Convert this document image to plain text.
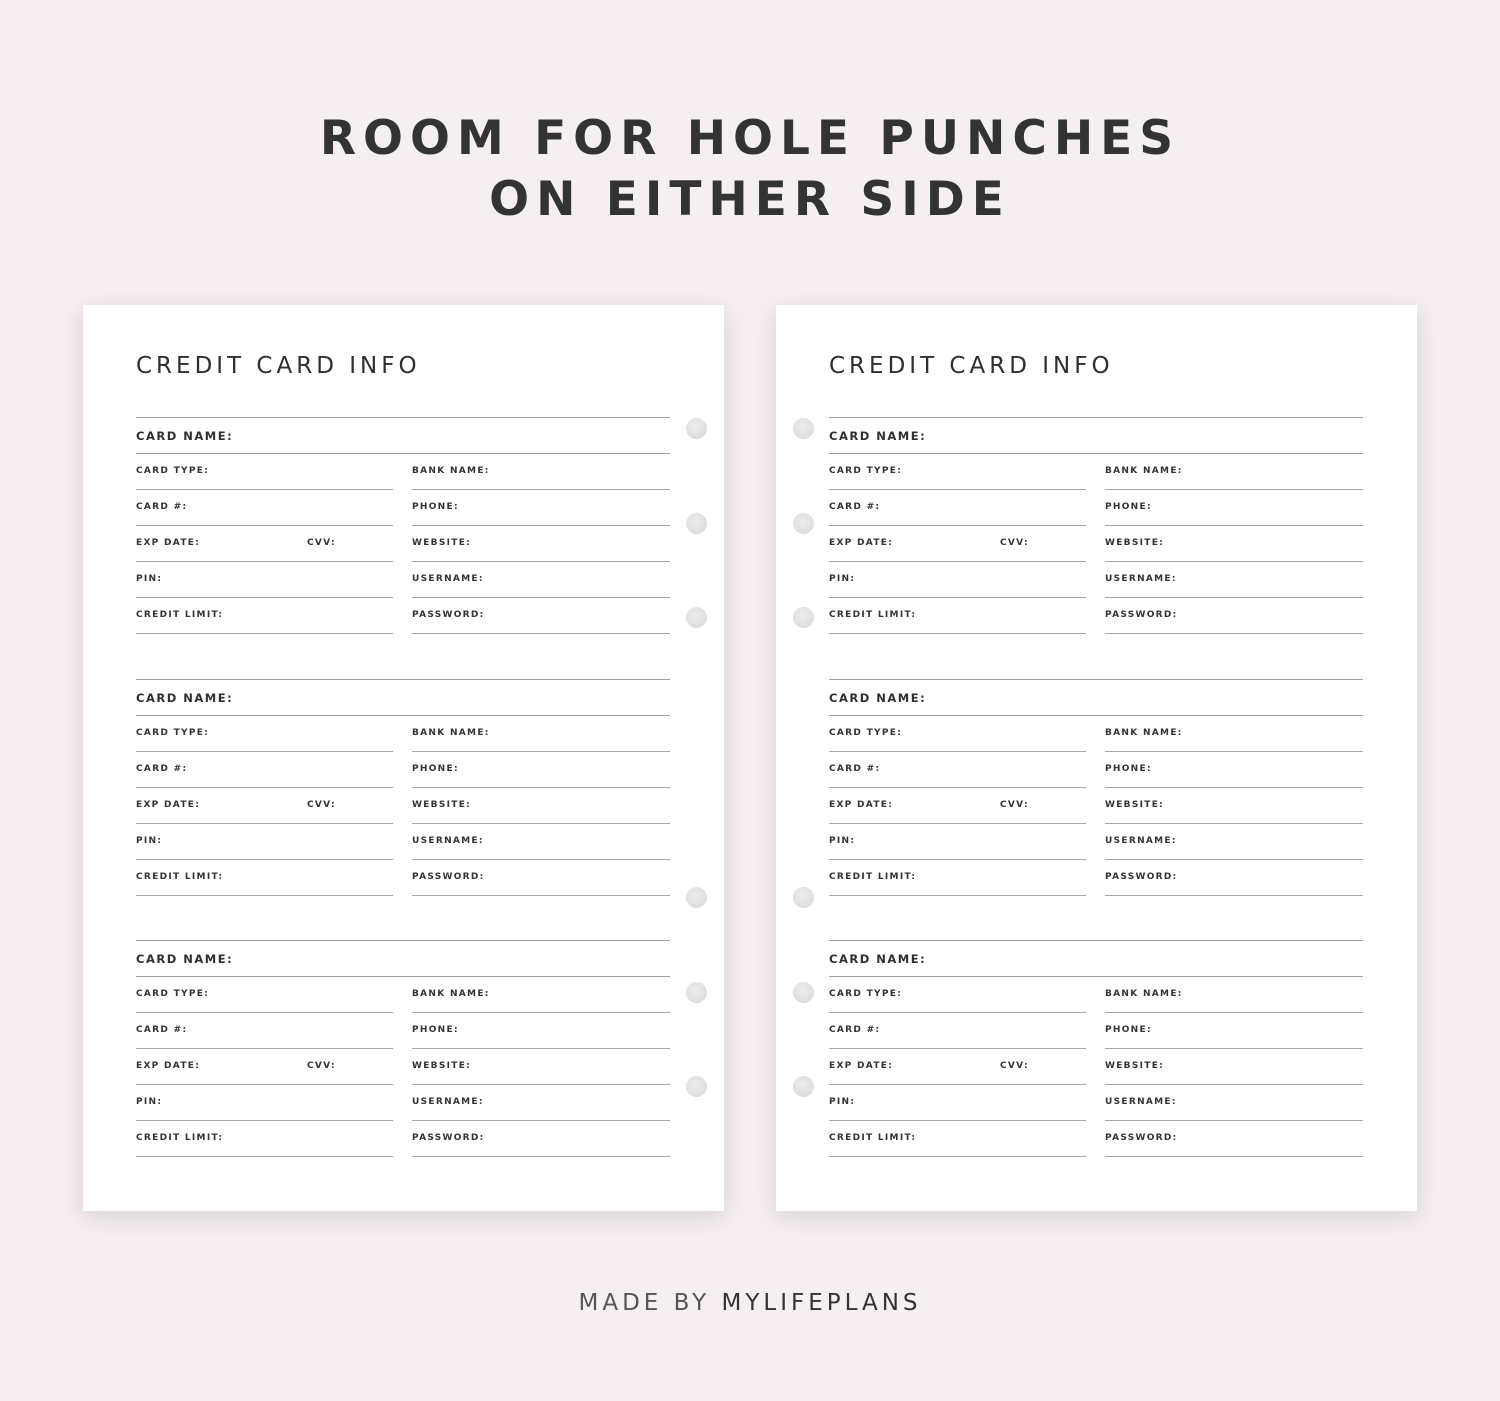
ROOM FOR HOLE PUNCHES
ON EITHER SIDE
CREDIT CARD INFO
CARD NAME:
CARD TYPE:	BANK NAME:
CARD #:	PHONE:
EXP DATE:	CVV:	WEBSITE:
PIN:	USERNAME:
CREDIT LIMIT:	PASSWORD:
CARD NAME:
CARD TYPE:	BANK NAME:
CARD #:	PHONE:
EXP DATE:	CVV:	WEBSITE:
PIN:	USERNAME:
CREDIT LIMIT:	PASSWORD:
CARD NAME:
CARD TYPE:	BANK NAME:
CARD #:	PHONE:
EXP DATE:	CVV:	WEBSITE:
PIN:	USERNAME:
CREDIT LIMIT:	PASSWORD:
CREDIT CARD INFO
CARD NAME:
CARD TYPE:	BANK NAME:
CARD #:	PHONE:
EXP DATE:	CVV:	WEBSITE:
PIN:	USERNAME:
CREDIT LIMIT:	PASSWORD:
CARD NAME:
CARD TYPE:	BANK NAME:
CARD #:	PHONE:
EXP DATE:	CVV:	WEBSITE:
PIN:	USERNAME:
CREDIT LIMIT:	PASSWORD:
CARD NAME:
CARD TYPE:	BANK NAME:
CARD #:	PHONE:
EXP DATE:	CVV:	WEBSITE:
PIN:	USERNAME:
CREDIT LIMIT:	PASSWORD:
MADE BY MYLIFEPLANS
